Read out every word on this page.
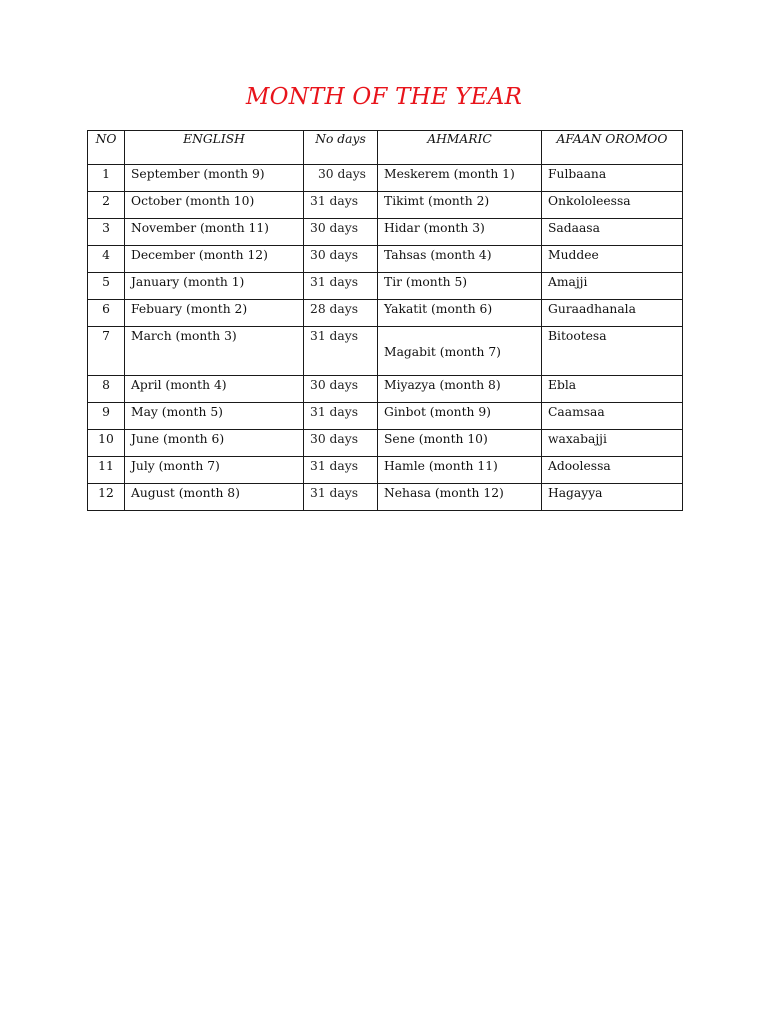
MONTH OF THE YEAR
NO	ENGLISH	No days	AHMARIC	AFAAN OROMOO
1	September (month 9)	30 days	Meskerem (month 1)	Fulbaana
2	October (month 10)	31 days	Tikimt (month 2)	Onkololeessa
3	November (month 11)	30 days	Hidar (month 3)	Sadaasa
4	December (month 12)	30 days	Tahsas (month 4)	Muddee
5	January (month 1)	31 days	Tir (month 5)	Amajji
6	Febuary (month 2)	28 days	Yakatit (month 6)	Guraadhanala
7	March (month 3)	31 days	Magabit (month 7)	Bitootesa
8	April (month 4)	30 days	Miyazya (month 8)	Ebla
9	May (month 5)	31 days	Ginbot (month 9)	Caamsaa
10	June (month 6)	30 days	Sene (month 10)	waxabajji
11	July (month 7)	31 days	Hamle (month 11)	Adoolessa
12	August (month 8)	31 days	Nehasa (month 12)	Hagayya
